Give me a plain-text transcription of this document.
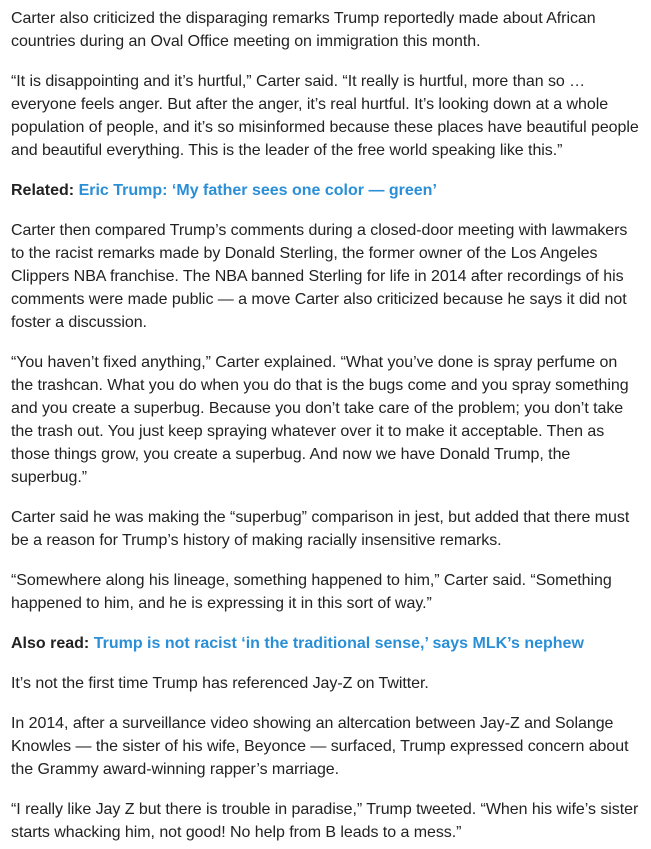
Carter also criticized the disparaging remarks Trump reportedly made about African countries during an Oval Office meeting on immigration this month.

“It is disappointing and it’s hurtful,” Carter said. “It really is hurtful, more than so … everyone feels anger. But after the anger, it’s real hurtful. It’s looking down at a whole population of people, and it’s so misinformed because these places have beautiful people and beautiful everything. This is the leader of the free world speaking like this.”

Related: Eric Trump: ‘My father sees one color — green’

Carter then compared Trump’s comments during a closed-door meeting with lawmakers to the racist remarks made by Donald Sterling, the former owner of the Los Angeles Clippers NBA franchise. The NBA banned Sterling for life in 2014 after recordings of his comments were made public — a move Carter also criticized because he says it did not foster a discussion.

“You haven’t fixed anything,” Carter explained. “What you’ve done is spray perfume on the trashcan. What you do when you do that is the bugs come and you spray something and you create a superbug. Because you don’t take care of the problem; you don’t take the trash out. You just keep spraying whatever over it to make it acceptable. Then as those things grow, you create a superbug. And now we have Donald Trump, the superbug.”

Carter said he was making the “superbug” comparison in jest, but added that there must be a reason for Trump’s history of making racially insensitive remarks.

“Somewhere along his lineage, something happened to him,” Carter said. “Something happened to him, and he is expressing it in this sort of way.”

Also read: Trump is not racist ‘in the traditional sense,’ says MLK’s nephew

It’s not the first time Trump has referenced Jay-Z on Twitter.

In 2014, after a surveillance video showing an altercation between Jay-Z and Solange Knowles — the sister of his wife, Beyonce — surfaced, Trump expressed concern about the Grammy award-winning rapper’s marriage.

“I really like Jay Z but there is trouble in paradise,” Trump tweeted. “When his wife’s sister starts whacking him, not good! No help from B leads to a mess.”
